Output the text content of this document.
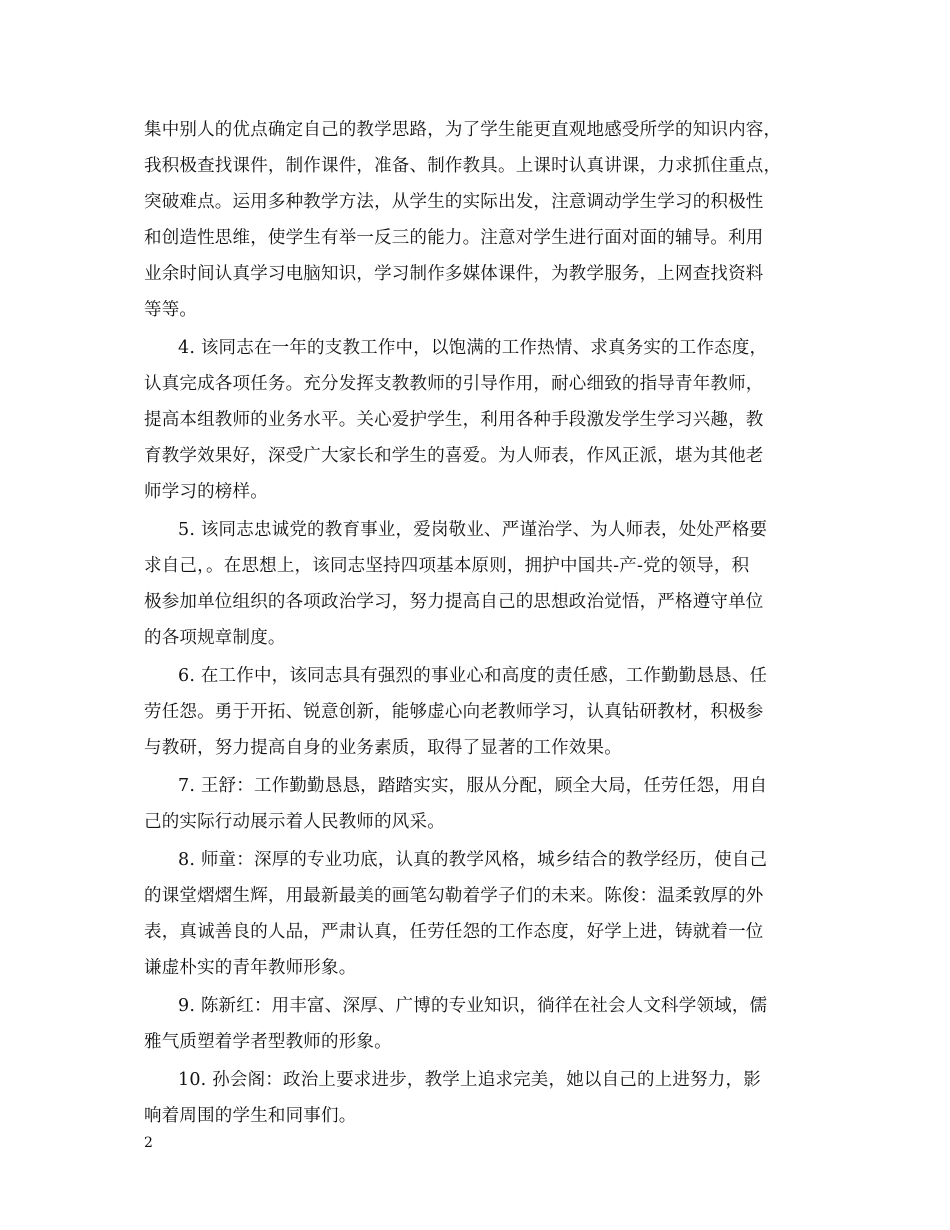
集中别人的优点确定自己的教学思路，为了学生能更直观地感受所学的知识内容，
我积极查找课件，制作课件，准备、制作教具。上课时认真讲课，力求抓住重点，
突破难点。运用多种教学方法，从学生的实际出发，注意调动学生学习的积极性
和创造性思维，使学生有举一反三的能力。注意对学生进行面对面的辅导。利用
业余时间认真学习电脑知识，学习制作多媒体课件，为教学服务，上网查找资料
等等。
4. 该同志在一年的支教工作中，以饱满的工作热情、求真务实的工作态度，
认真完成各项任务。充分发挥支教教师的引导作用，耐心细致的指导青年教师，
提高本组教师的业务水平。关心爱护学生，利用各种手段激发学生学习兴趣，教
育教学效果好，深受广大家长和学生的喜爱。为人师表，作风正派，堪为其他老
师学习的榜样。
5. 该同志忠诚党的教育事业，爱岗敬业、严谨治学、为人师表，处处严格要
求自己，。在思想上，该同志坚持四项基本原则，拥护中国共-产-党的领导，积
极参加单位组织的各项政治学习，努力提高自己的思想政治觉悟，严格遵守单位
的各项规章制度。
6. 在工作中，该同志具有强烈的事业心和高度的责任感，工作勤勤恳恳、任
劳任怨。勇于开拓、锐意创新，能够虚心向老教师学习，认真钻研教材，积极参
与教研，努力提高自身的业务素质，取得了显著的工作效果。
7. 王舒：工作勤勤恳恳，踏踏实实，服从分配，顾全大局，任劳任怨，用自
己的实际行动展示着人民教师的风采。
8. 师童：深厚的专业功底，认真的教学风格，城乡结合的教学经历，使自己
的课堂熠熠生辉，用最新最美的画笔勾勒着学子们的未来。陈俊：温柔敦厚的外
表，真诚善良的人品，严肃认真，任劳任怨的工作态度，好学上进，铸就着一位
谦虚朴实的青年教师形象。
9. 陈新红：用丰富、深厚、广博的专业知识，徜徉在社会人文科学领域，儒
雅气质塑着学者型教师的形象。
10. 孙会阁：政治上要求进步，教学上追求完美，她以自己的上进努力，影
响着周围的学生和同事们。
2
